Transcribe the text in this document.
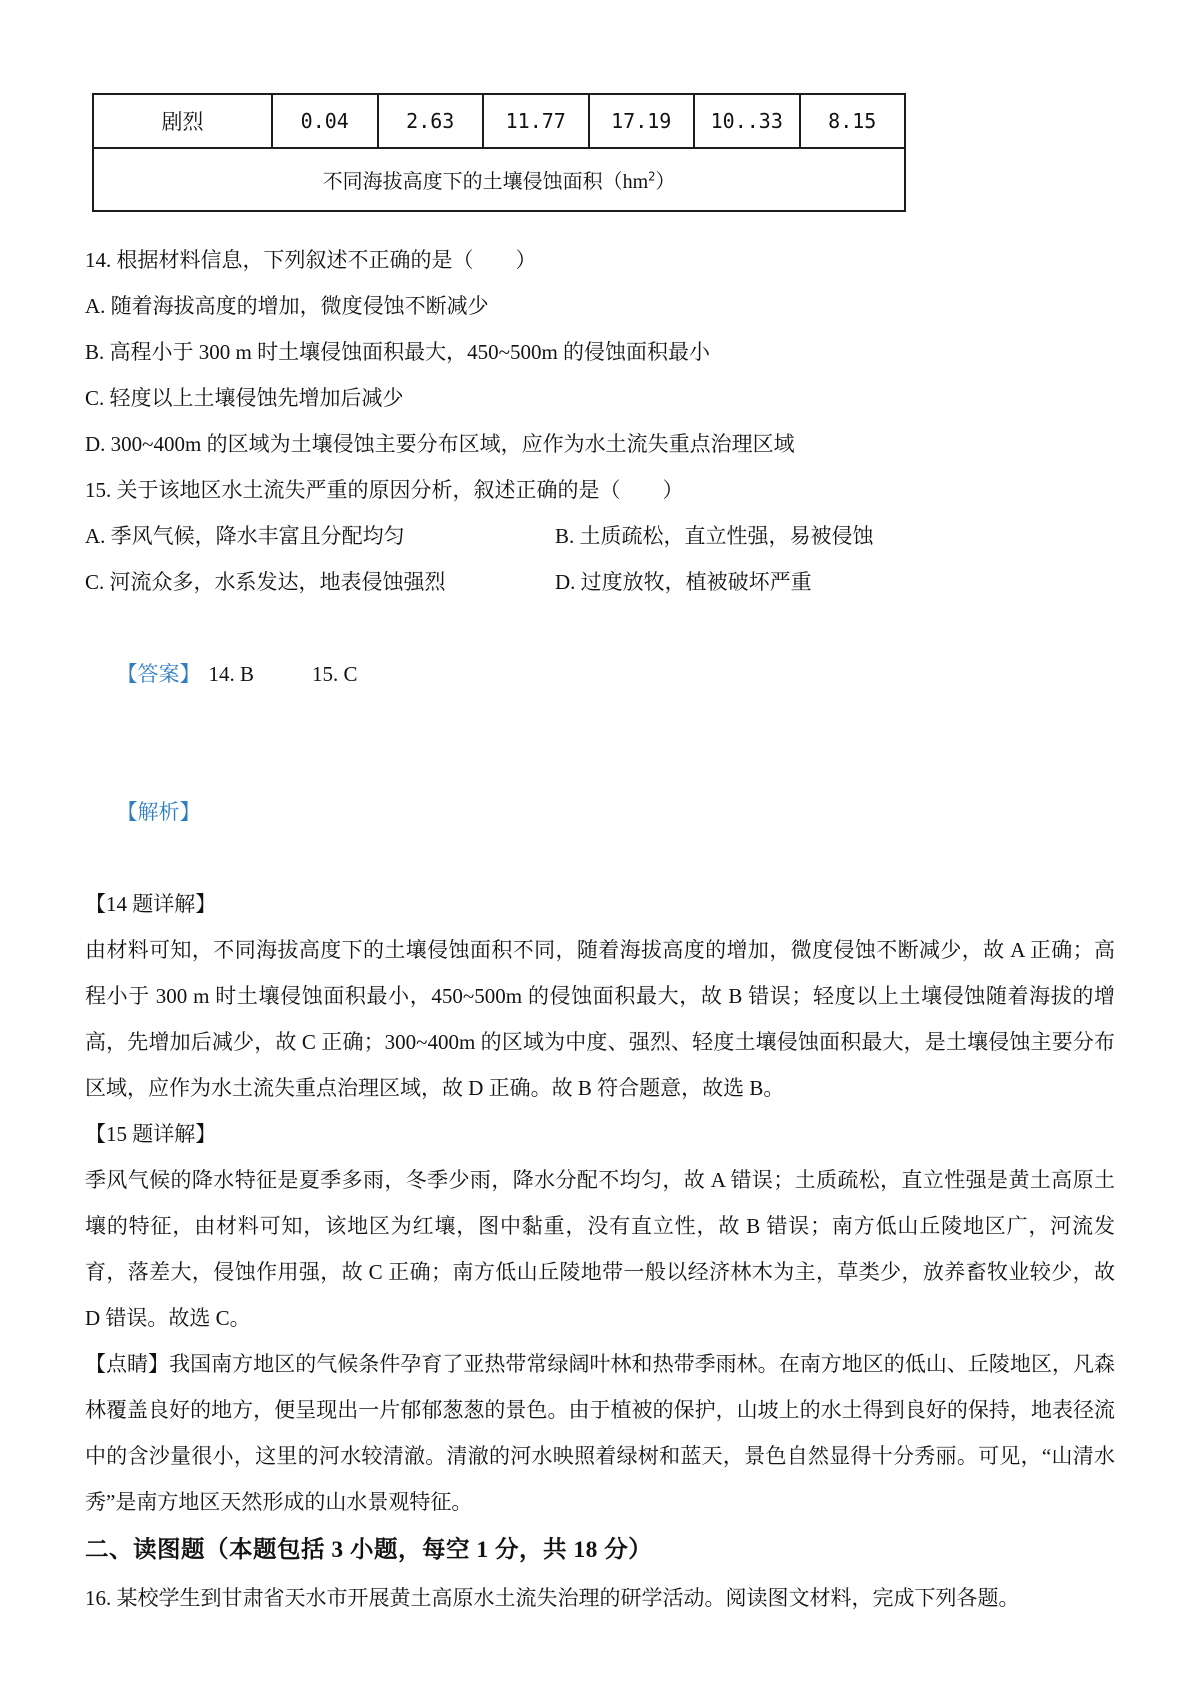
剧烈	0.04	2.63	11.77	17.19	10..33	8.15
不同海拔高度下的土壤侵蚀面积$(hm^2)$
14. 根据材料信息，下列叙述不正确的是（　　）
A. 随着海拔高度的增加，微度侵蚀不断减少
B. 高程小于 300 m 时土壤侵蚀面积最大，450~500m 的侵蚀面积最小
C. 轻度以上土壤侵蚀先增加后减少
D. 300~400m 的区域为土壤侵蚀主要分布区域，应作为水土流失重点治理区域
15. 关于该地区水土流失严重的原因分析，叙述正确的是（　　）
A. 季风气候，降水丰富且分配均匀	B. 土质疏松，直立性强，易被侵蚀
C. 河流众多，水系发达，地表侵蚀强烈	D. 过度放牧，植被破坏严重

【答案】 14. B	15. C

【解析】

【14 题详解】

由材料可知，不同海拔高度下的土壤侵蚀面积不同，随着海拔高度的增加，微度侵蚀不断减少，故 A 正确；高程小于 300 m 时土壤侵蚀面积最小，450~500m 的侵蚀面积最大，故 B 错误；轻度以上土壤侵蚀随着海拔的增高，先增加后减少，故 C 正确；300~400m 的区域为中度、强烈、轻度土壤侵蚀面积最大，是土壤侵蚀主要分布区域，应作为水土流失重点治理区域，故 D 正确。故 B 符合题意，故选 B。

【15 题详解】

季风气候的降水特征是夏季多雨，冬季少雨，降水分配不均匀，故 A 错误；土质疏松，直立性强是黄土高原土壤的特征，由材料可知，该地区为红壤，图中黏重，没有直立性，故 B 错误；南方低山丘陵地区广，河流发育，落差大，侵蚀作用强，故 C 正确；南方低山丘陵地带一般以经济林木为主，草类少，放养畜牧业较少，故 D 错误。故选 C。

【点睛】我国南方地区的气候条件孕育了亚热带常绿阔叶林和热带季雨林。在南方地区的低山、丘陵地区，凡森林覆盖良好的地方，便呈现出一片郁郁葱葱的景色。由于植被的保护，山坡上的水土得到良好的保持，地表径流中的含沙量很小，这里的河水较清澈。清澈的河水映照着绿树和蓝天，景色自然显得十分秀丽。可见，“山清水秀”是南方地区天然形成的山水景观特征。

二、读图题（本题包括 3 小题，每空 1 分，共 18 分）
16. 某校学生到甘肃省天水市开展黄土高原水土流失治理的研学活动。阅读图文材料，完成下列各题。
